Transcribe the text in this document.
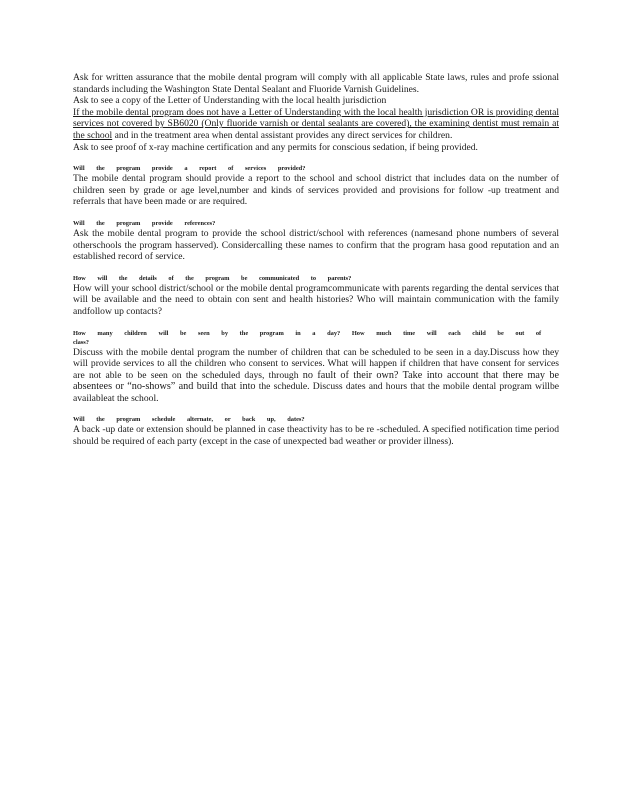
Ask for written assurance that the mobile dental program will comply with all applicable State laws, rules and profe ssional standards including the Washington State Dental Sealant and Fluoride Varnish Guidelines.

Ask to see a copy of the Letter of Understanding with the local health jurisdiction

If the mobile dental program does not have a Letter of Understanding with the local health jurisdiction OR is providing dental services not covered by SB6020 (Only fluoride varnish or dental sealants are covered), the examining dentist must remain at the school and in the treatment area when dental assistant provides any direct services for children.

Ask to see proof of x-ray machine certification and any permits for conscious sedation, if being provided.

Will the program provide a report of services provided?

The mobile dental program should provide a report to the school and school district that includes data on the number of children seen by grade or age level,number and kinds of services provided and provisions for follow -up treatment and referrals that have been made or are required.

Will the program provide references?

Ask the mobile dental program to provide the school district/school with references (namesand phone numbers of several otherschools the program hasserved). Considercalling these names to confirm that the program hasa good reputation and an established record of service.

How will the details of the program be communicated to parents?

How will your school district/school or the mobile dental programcommunicate with parents regarding the dental services that will be available and the need to obtain con sent and health histories? Who will maintain communication with the family andfollow up contacts?

How many children will be seen by the program in a day? How much time will each child be out of class?

Discuss with the mobile dental program the number of children that can be scheduled to be seen in a day.Discuss how they will provide services to all the children who consent to services. What will happen if children that have consent for services are not able to be seen on the scheduled days, through no fault of their own? Take into account that there may be absentees or “no-shows” and build that into the schedule. Discuss dates and hours that the mobile dental program willbe availableat the school.

Will the program schedule alternate, or back up, dates?

A back -up date or extension should be planned in case theactivity has to be re -scheduled. A specified notification time period should be required of each party (except in the case of unexpected bad weather or provider illness).
